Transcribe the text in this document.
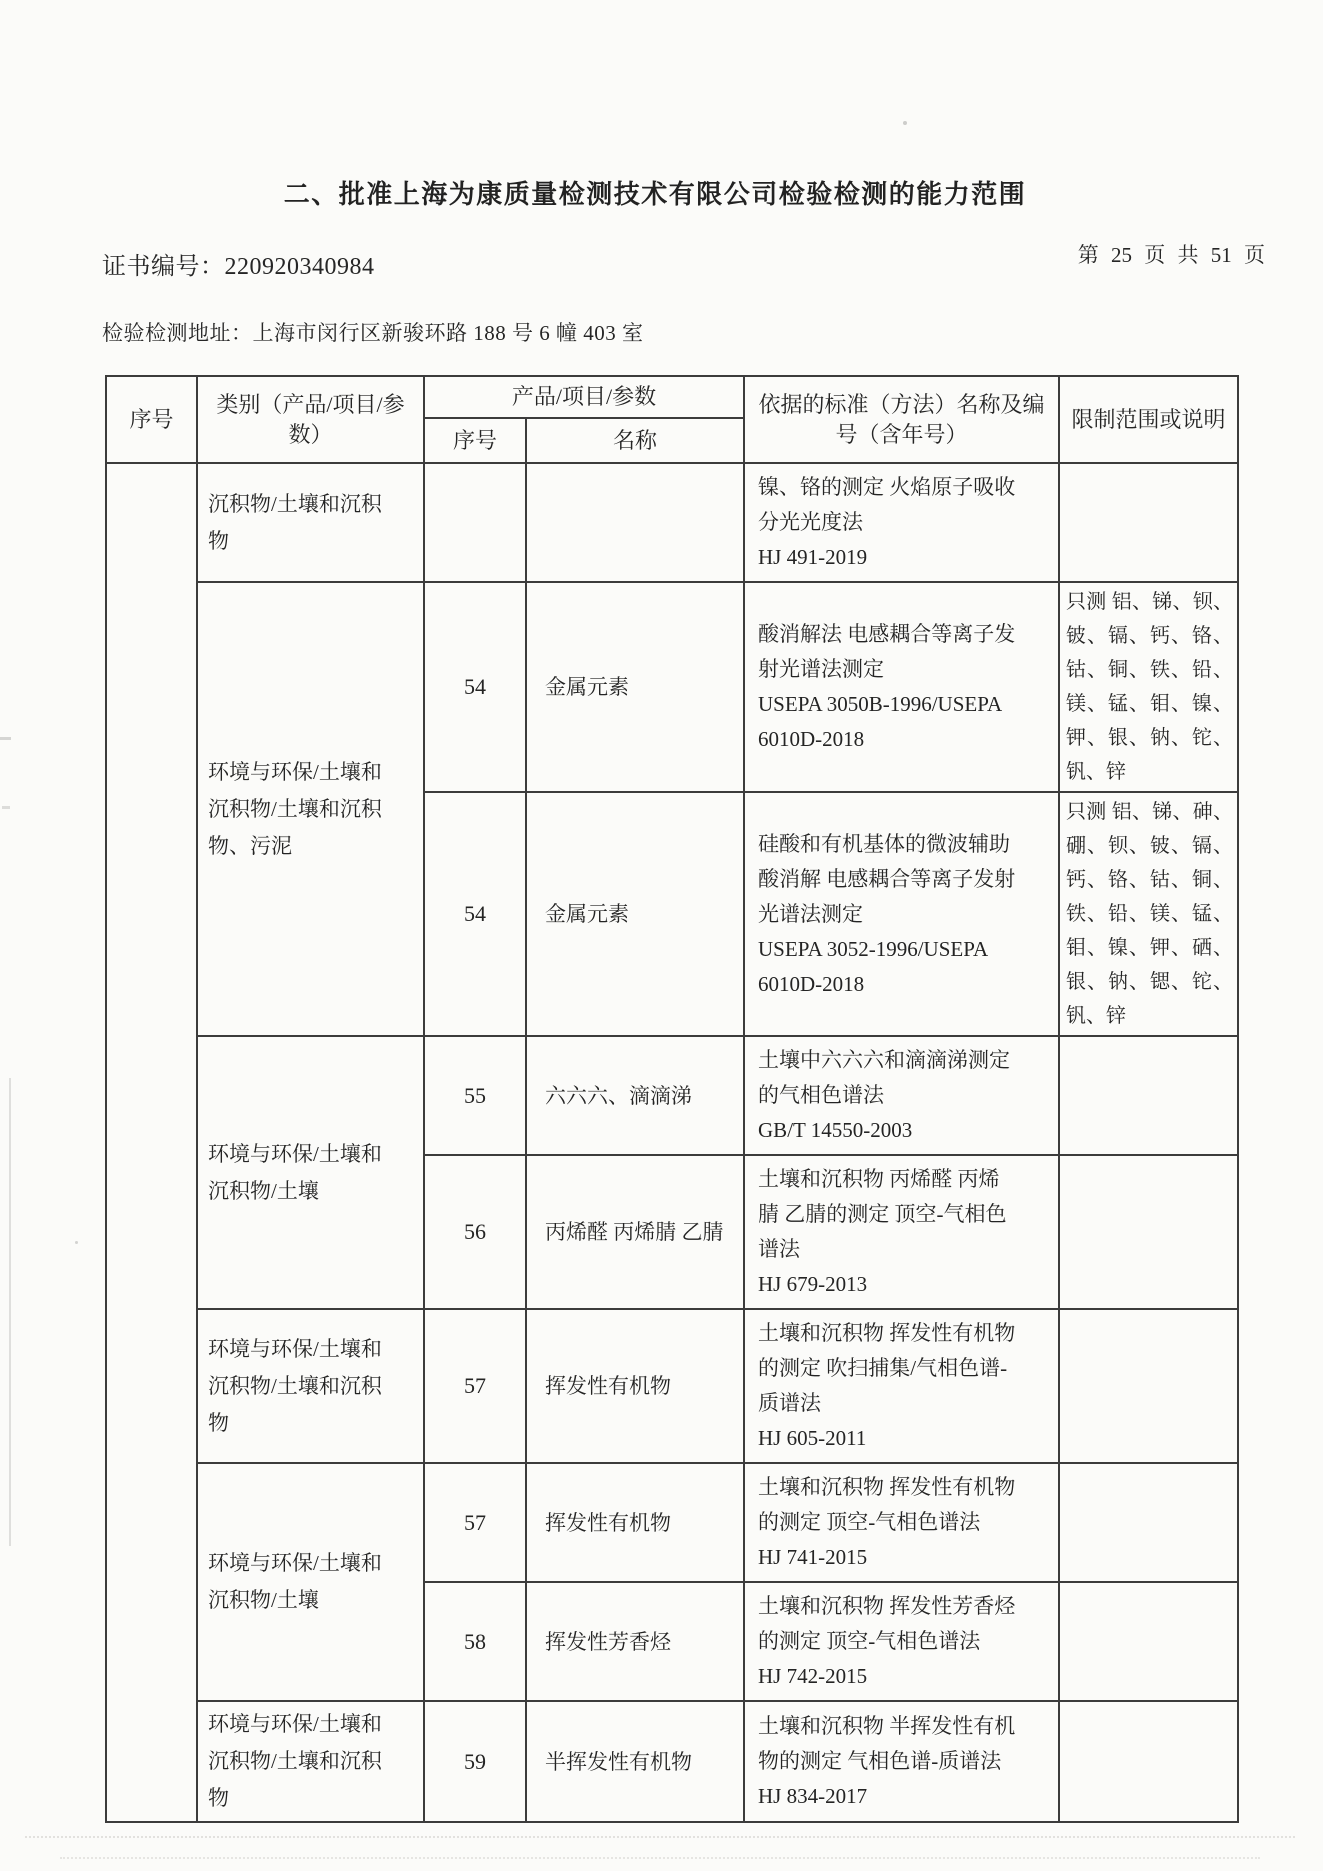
二、批准上海为康质量检测技术有限公司检验检测的能力范围
证书编号：220920340984	第 25 页 共 51 页
检验检测地址：上海市闵行区新骏环路 188 号 6 幢 403 室
序号	类别（产品/项目/参数）	产品/项目/参数		依据的标准（方法）名称及编号（含年号）	限制范围或说明
		序号	名称		
	沉积物/土壤和沉积物			镍、铬的测定 火焰原子吸收分光光度法
HJ 491-2019	

	环境与环保/土壤和沉积物/土壤和沉积物、污泥	54	金属元素	酸消解法 电感耦合等离子发射光谱法测定
USEPA 3050B-1996/USEPA 6010D-2018	只测 铝、锑、钡、铍、镉、钙、铬、钴、铜、铁、铅、镁、锰、钼、镍、钾、银、钠、铊、钒、锌
		54	金属元素	硅酸和有机基体的微波辅助酸消解 电感耦合等离子发射光谱法测定
USEPA 3052-1996/USEPA 6010D-2018	只测 铝、锑、砷、硼、钡、铍、镉、钙、铬、钴、铜、铁、铅、镁、锰、钼、镍、钾、硒、银、钠、锶、铊、钒、锌
	环境与环保/土壤和沉积物/土壤	55	六六六、滴滴涕	土壤中六六六和滴滴涕测定的气相色谱法
GB/T 14550-2003	

		56	丙烯醛 丙烯腈 乙腈	土壤和沉积物 丙烯醛 丙烯腈 乙腈的测定 顶空-气相色谱法
HJ 679-2013	

	环境与环保/土壤和沉积物/土壤和沉积物	57	挥发性有机物	土壤和沉积物 挥发性有机物的测定 吹扫捕集/气相色谱-质谱法
HJ 605-2011	

	环境与环保/土壤和沉积物/土壤	57	挥发性有机物	土壤和沉积物 挥发性有机物的测定 顶空-气相色谱法
HJ 741-2015	

		58	挥发性芳香烃	土壤和沉积物 挥发性芳香烃的测定 顶空-气相色谱法
HJ 742-2015	

	环境与环保/土壤和沉积物/土壤和沉积物	59	半挥发性有机物	土壤和沉积物 半挥发性有机物的测定 气相色谱-质谱法
HJ 834-2017	
